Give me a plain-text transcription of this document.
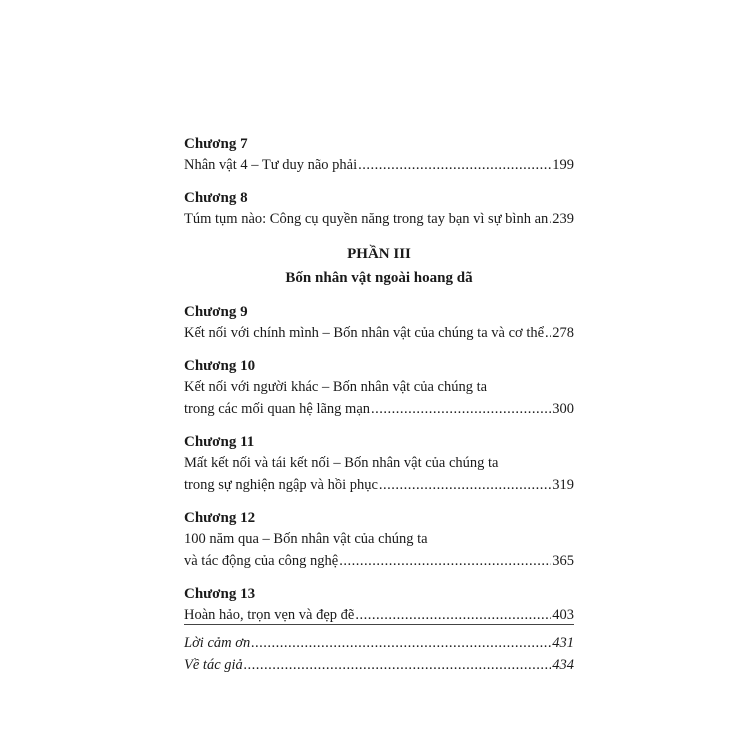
Chương 7
Nhân vật 4 – Tư duy não phải .....	199
Chương 8
Túm tụm nào: Công cụ quyền năng trong tay bạn vì sự bình an ..... 239
PHẦN III
Bốn nhân vật ngoài hoang dã
Chương 9
Kết nối với chính mình – Bốn nhân vật của chúng ta và cơ thể ..... 278
Chương 10
Kết nối với người khác – Bốn nhân vật của chúng ta
trong các mối quan hệ lãng mạn .....	300
Chương 11
Mất kết nối và tái kết nối – Bốn nhân vật của chúng ta
trong sự nghiện ngập và hồi phục .....	319
Chương 12
100 năm qua – Bốn nhân vật của chúng ta
và tác động của công nghệ .....	365
Chương 13
Hoàn hảo, trọn vẹn và đẹp đẽ .....	403
Lời cảm ơn .....	431
Về tác giả .....	434
